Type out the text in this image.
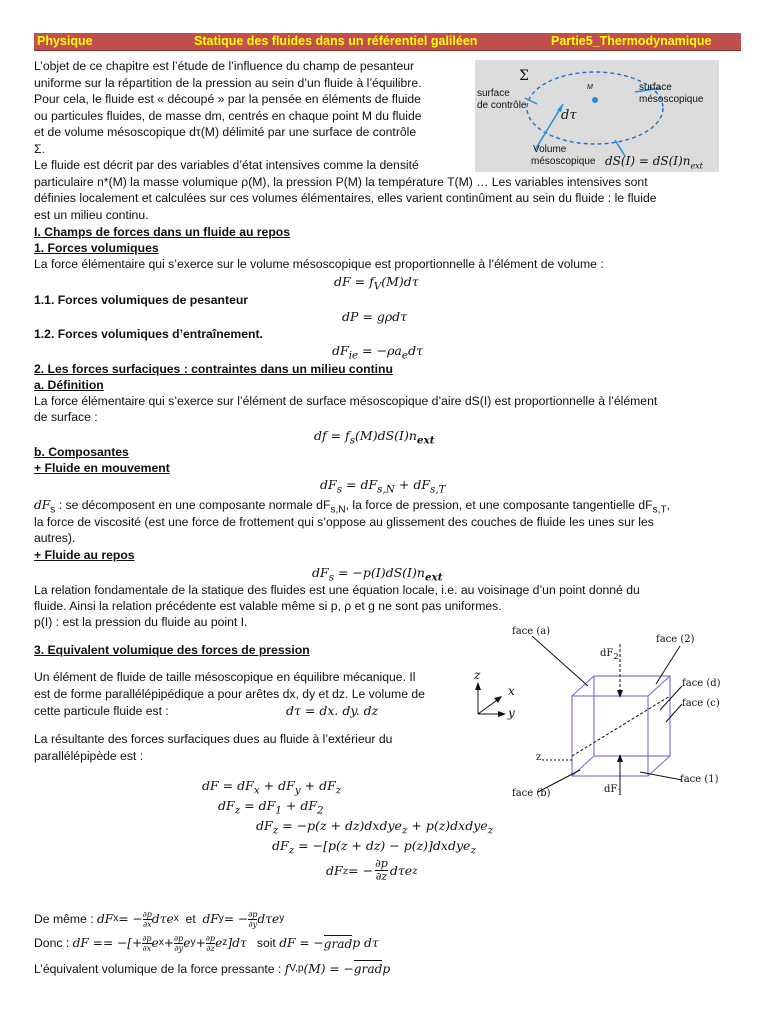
Physique	Statique des fluides dans un référentiel galiléen	Partie5_Thermodynamique
L’objet de ce chapitre est l’étude de l’influence du champ de pesanteur
uniforme sur la répartition de la pression au sein d’un fluide à l’équilibre.
Pour cela, le fluide est « découpé » par la pensée en éléments de fluide
ou particules fluides, de masse dm, centrés en chaque point M du fluide
et de volume mésoscopique dτ(M) délimité par une surface de contrôle
Σ.
Le fluide est décrit par des variables d’état intensives comme la densité
particulaire n*(M) la masse volumique ρ(M), la pression P(M) la température T(M) … Les variables intensives sont
définies localement et calculées sur ces volumes élémentaires, elles varient continûment au sein du fluide : le fluide
est un milieu continu.
Σ
surface
de contrôle
dτ
M	surface
mésoscopique
Volume
mésoscopique $dS(I) = dS(I)n_{ext}$
I. Champs de forces dans un fluide au repos
1. Forces volumiques
La force élémentaire qui s’exerce sur le volume mésoscopique est proportionnelle à l’élément de volume :
dF = $f_V(M)d\tau$
1.1. Forces volumiques de pesanteur
dP = gρdτ
1.2. Forces volumiques d’entraînement.
$dF_{ie} = -\rho a_ed\tau$
2. Les forces surfaciques : contraintes dans un milieu continu
a. Définition
La force élémentaire qui s’exerce sur l’élément de surface mésoscopique d’aire dS(I) est proportionnelle à l’élément
de surface :
df = $f_s(M)dS(I)n_{ext}$
b. Composantes
+ Fluide en mouvement
$dF_s = dF_{s,N} + dF_{s,T}$
$dF_s$ : se décomposent en une composante normale $dF_{s,N}$, la force de pression, et une composante tangentielle $dF_{s,T}$,
la force de viscosité (est une force de frottement qui s’oppose au glissement des couches de fluide les unes sur les
autres).
+ Fluide au repos
$dF_s = -p(I)dS(I)n_{ext}$
La relation fondamentale de la statique des fluides est une équation locale, i.e. au voisinage d’un point donné du
fluide. Ainsi la relation précédente est valable même si p, ρ et g ne sont pas uniformes.
p(I) : est la pression du fluide au point I.
3. Equivalent volumique des forces de pression
Un élément de fluide de taille mésoscopique en équilibre mécanique. Il
est de forme parallélépipédique a pour arêtes dx, dy et dz. Le volume de
cette particule fluide est :	dτ = dx. dy. dz
La résultante des forces surfaciques dues au fluide à l’extérieur du
parallélépipède est :
dF = $dF_x + dF_y + dF_z$
$dF_z = dF_1 + dF_2$
$dF_z = -p(z$ + dz)dxdye$_z$ + p(z)dxdye$_z$
$dF_z = -[p(z + dz)$ − p(z)]dxdye$_z$
dF z = − $\frac{\partial p}{\partial z}$ dτe z
De même :
dF x = − $\frac{\partial p}{\partial x}$ dτe x
et
dF y = − $\frac{\partial p}{\partial y}$ dτe y
Donc :
dF == −[+ $\frac{\partial p}{\partial x}$ e $x + \frac{\partial p}{\partial y}$ e $y + \frac{\partial p}{\partial z}$ e z ]dτ
soit
dF = − grad p dτ
L’équivalent volumique de la force pressante :
f V,p (M) = − grad p
face (a)
face (2)
$dF_2$
face (d)
face (c)
z
x
y
z
face (1)
face (b)	$dF_1$
